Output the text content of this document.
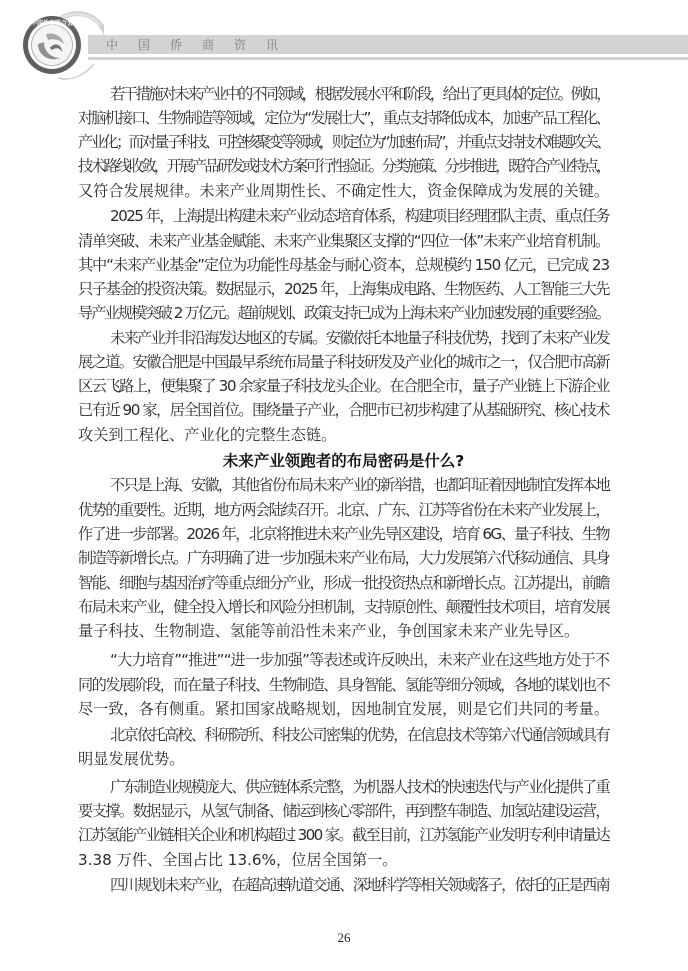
中	国	侨	商	资	讯
中国侨商联合会
若干措施对未来产业中的不同领域，根据发展水平和阶段，给出了更具体的定位。例如，
对脑机接口、生物制造等领域，定位为“发展壮大”，重点支持降低成本，加速产品工程化、
产业化；而对量子科技、可控核聚变等领域，则定位为“加速布局”，并重点支持技术难题攻关、
技术路线收敛，开展产品研发或技术方案可行性验证。分类施策、分步推进，既符合产业特点，
又符合发展规律。未来产业周期性长、不确定性大，资金保障成为发展的关键。
2025 年，上海提出构建未来产业动态培育体系，构建项目经理团队主责、重点任务
清单突破、未来产业基金赋能、未来产业集聚区支撑的“四位一体”未来产业培育机制。
其中“未来产业基金”定位为功能性母基金与耐心资本，总规模约 150 亿元，已完成 23
只子基金的投资决策。数据显示，2025 年，上海集成电路、生物医药、人工智能三大先
导产业规模突破 2 万亿元。超前规划、政策支持已成为上海未来产业加速发展的重要经验。
未来产业并非沿海发达地区的专属。安徽依托本地量子科技优势，找到了未来产业发
展之道。安徽合肥是中国最早系统布局量子科技研发及产业化的城市之一，仅合肥市高新
区云飞路上，便集聚了 30 余家量子科技龙头企业。在合肥全市，量子产业链上下游企业
已有近 90 家，居全国首位。围绕量子产业，合肥市已初步构建了从基础研究、核心技术
攻关到工程化、产业化的完整生态链。
未来产业领跑者的布局密码是什么?
不只是上海、安徽，其他省份布局未来产业的新举措，也都印证着因地制宜发挥本地
优势的重要性。近期，地方两会陆续召开。北京、广东、江苏等省份在未来产业发展上，
作了进一步部署。2026 年，北京将推进未来产业先导区建设，培育 6G、量子科技、生物
制造等新增长点。广东明确了进一步加强未来产业布局，大力发展第六代移动通信、具身
智能、细胞与基因治疗等重点细分产业，形成一批投资热点和新增长点。江苏提出，前瞻
布局未来产业，健全投入增长和风险分担机制，支持原创性、颠覆性技术项目，培育发展
量子科技、生物制造、氢能等前沿性未来产业，争创国家未来产业先导区。
“大力培育”“推进”“进一步加强”等表述或许反映出，未来产业在这些地方处于不
同的发展阶段，而在量子科技、生物制造、具身智能、氢能等细分领域，各地的谋划也不
尽一致，各有侧重。紧扣国家战略规划，因地制宜发展，则是它们共同的考量。
北京依托高校、科研院所、科技公司密集的优势，在信息技术等第六代通信领域具有
明显发展优势。
广东制造业规模庞大、供应链体系完整，为机器人技术的快速迭代与产业化提供了重
要支撑。数据显示，从氢气制备、储运到核心零部件，再到整车制造、加氢站建设运营，
江苏氢能产业链相关企业和机构超过 300 家。截至目前，江苏氢能产业发明专利申请量达
3.38 万件、全国占比 13.6%，位居全国第一。
四川规划未来产业，在超高速轨道交通、深地科学等相关领域落子，依托的正是西南
26
